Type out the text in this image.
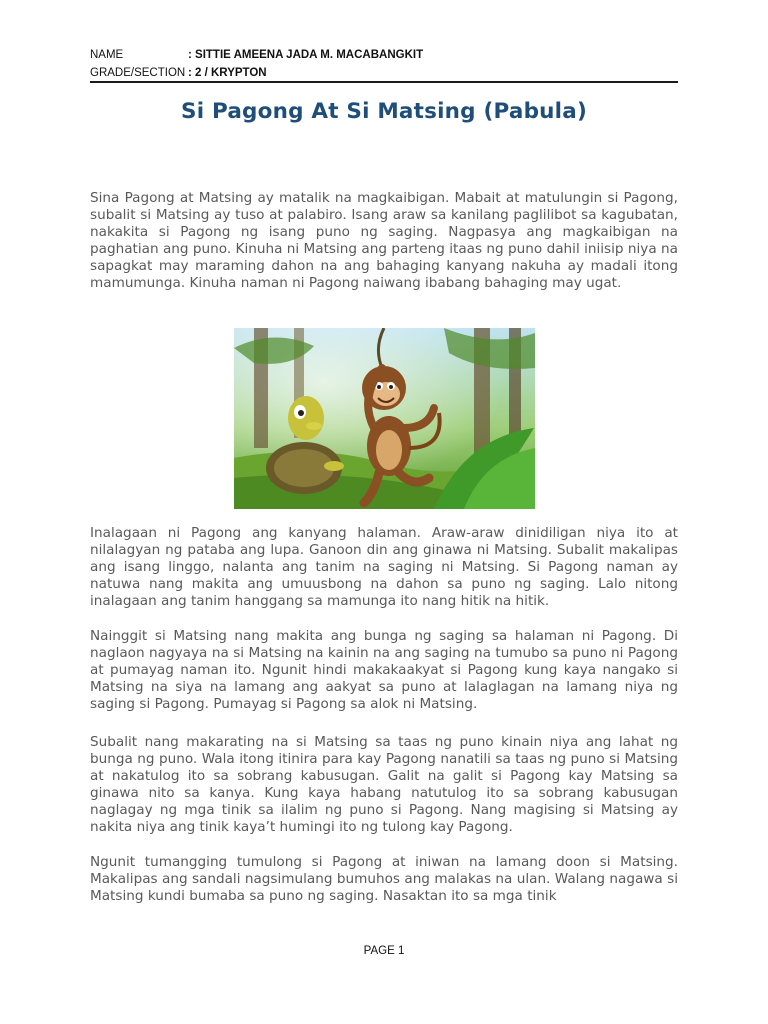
NAME	: SITTIE AMEENA JADA M. MACABANGKIT
GRADE/SECTION : 2 / KRYPTON
Si Pagong At Si Matsing (Pabula)

Sina Pagong at Matsing ay matalik na magkaibigan. Mabait at matulungin si Pagong, subalit si Matsing ay tuso at palabiro. Isang araw sa kanilang paglilibot sa kagubatan, nakakita si Pagong ng isang puno ng saging. Nagpasya ang magkaibigan na paghatian ang puno. Kinuha ni Matsing ang parteng itaas ng puno dahil iniisip niya na sapagkat may maraming dahon na ang bahaging kanyang nakuha ay madali itong mamumunga. Kinuha naman ni Pagong naiwang ibabang bahaging may ugat.

Inalagaan ni Pagong ang kanyang halaman. Araw-araw dinidiligan niya ito at nilalagyan ng pataba ang lupa. Ganoon din ang ginawa ni Matsing. Subalit makalipas ang isang linggo, nalanta ang tanim na saging ni Matsing. Si Pagong naman ay natuwa nang makita ang umuusbong na dahon sa puno ng saging. Lalo nitong inalagaan ang tanim hanggang sa mamunga ito nang hitik na hitik.

Nainggit si Matsing nang makita ang bunga ng saging sa halaman ni Pagong. Di naglaon nagyaya na si Matsing na kainin na ang saging na tumubo sa puno ni Pagong at pumayag naman ito. Ngunit hindi makakaakyat si Pagong kung kaya nangako si Matsing na siya na lamang ang aakyat sa puno at lalaglagan na lamang niya ng saging si Pagong. Pumayag si Pagong sa alok ni Matsing.

Subalit nang makarating na si Matsing sa taas ng puno kinain niya ang lahat ng bunga ng puno. Wala itong itinira para kay Pagong nanatili sa taas ng puno si Matsing at nakatulog ito sa sobrang kabusugan. Galit na galit si Pagong kay Matsing sa ginawa nito sa kanya. Kung kaya habang natutulog ito sa sobrang kabusugan naglagay ng mga tinik sa ilalim ng puno si Pagong. Nang magising si Matsing ay nakita niya ang tinik kaya’t humingi ito ng tulong kay Pagong.

Ngunit tumangging tumulong si Pagong at iniwan na lamang doon si Matsing. Makalipas ang sandali nagsimulang bumuhos ang malakas na ulan. Walang nagawa si Matsing kundi bumaba sa puno ng saging. Nasaktan ito sa mga tinik

PAGE 1
